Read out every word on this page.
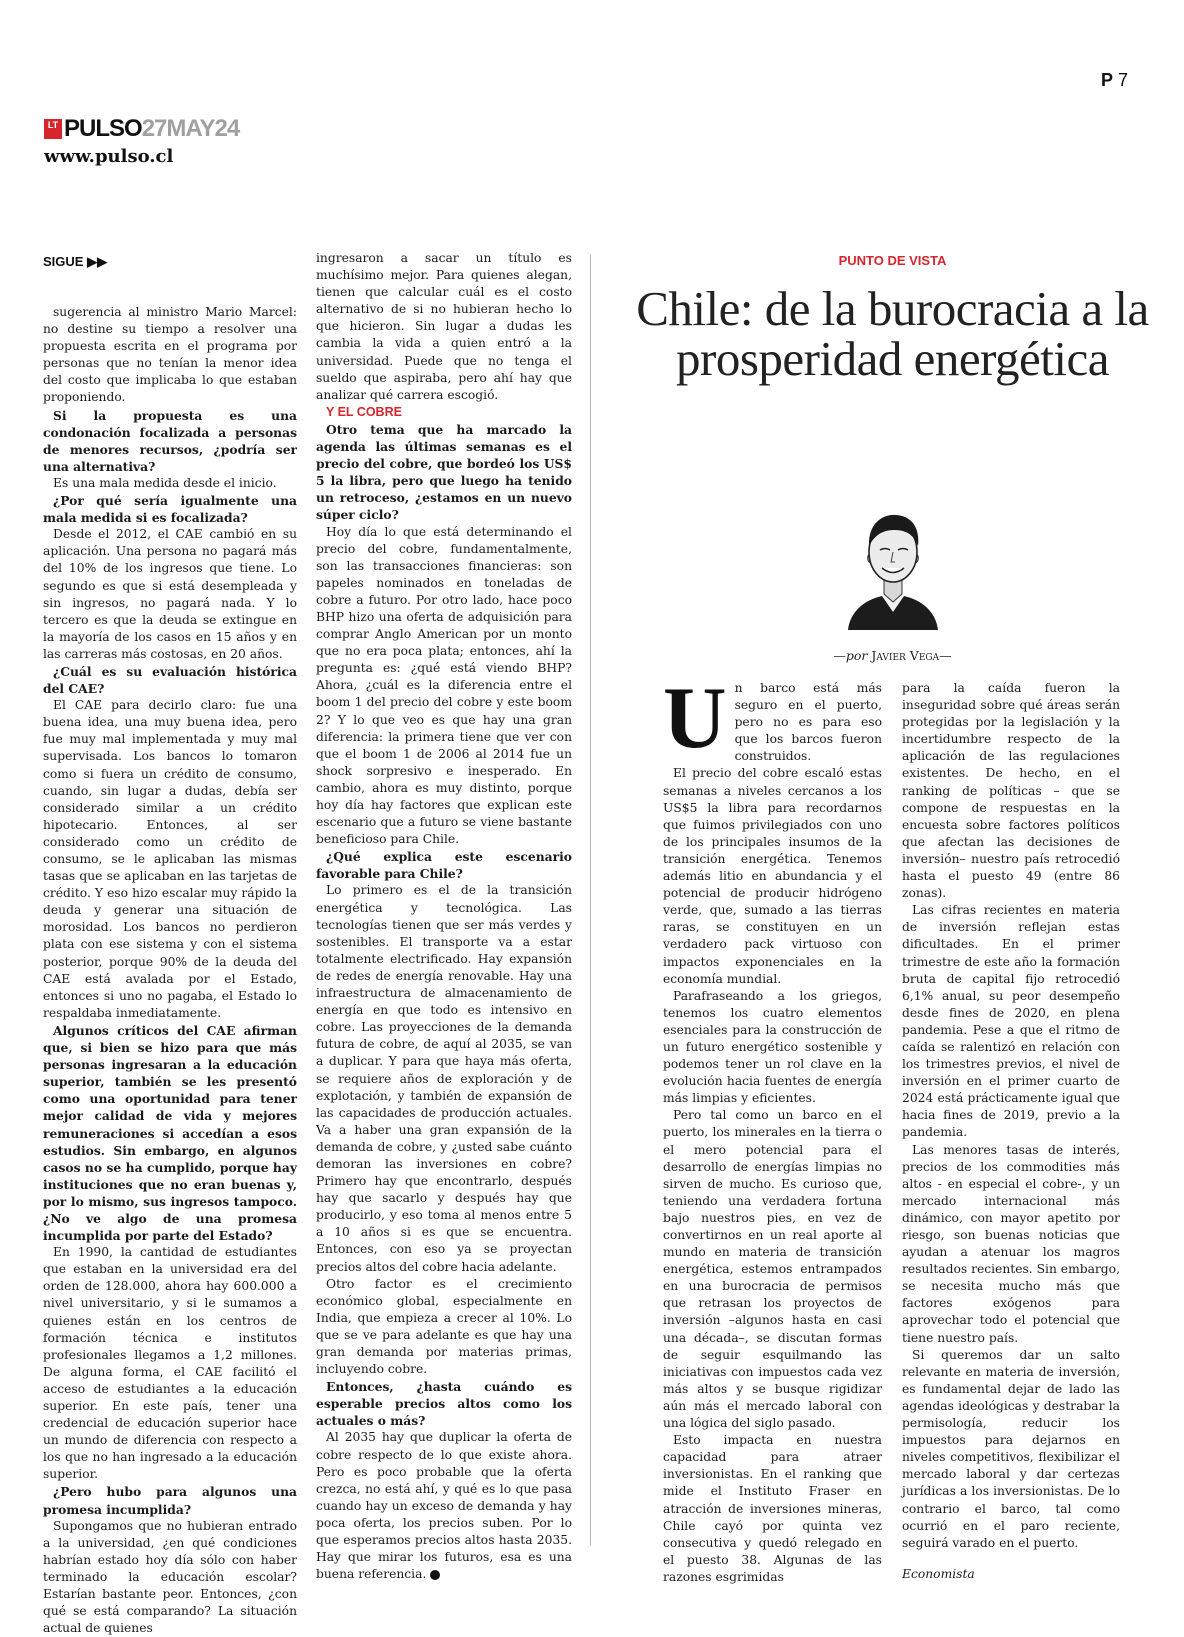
P 7
LT PULSO 27MAY24
www.pulso.cl
SIGUE ▶▶

sugerencia al ministro Mario Marcel: no destine su tiempo a resolver una propuesta escrita en el programa por personas que no tenían la menor idea del costo que implicaba lo que estaban proponiendo.

Si la propuesta es una condonación focalizada a personas de menores recursos, ¿podría ser una alternativa?

Es una mala medida desde el inicio.

¿Por qué sería igualmente una mala medida si es focalizada?

Desde el 2012, el CAE cambió en su aplicación. Una persona no pagará más del 10% de los ingresos que tiene. Lo segundo es que si está desempleada y sin ingresos, no pagará nada. Y lo tercero es que la deuda se extingue en la mayoría de los casos en 15 años y en las carreras más costosas, en 20 años.

¿Cuál es su evaluación histórica del CAE?

El CAE para decirlo claro: fue una buena idea, una muy buena idea, pero fue muy mal implementada y muy mal supervisada. Los bancos lo tomaron como si fuera un crédito de consumo, cuando, sin lugar a dudas, debía ser considerado similar a un crédito hipotecario. Entonces, al ser considerado como un crédito de consumo, se le aplicaban las mismas tasas que se aplicaban en las tarjetas de crédito. Y eso hizo escalar muy rápido la deuda y generar una situación de morosidad. Los bancos no perdieron plata con ese sistema y con el sistema posterior, porque 90% de la deuda del CAE está avalada por el Estado, entonces si uno no pagaba, el Estado lo respaldaba inmediatamente.

Algunos críticos del CAE afirman que, si bien se hizo para que más personas ingresaran a la educación superior, también se les presentó como una oportunidad para tener mejor calidad de vida y mejores remuneraciones si accedían a esos estudios. Sin embargo, en algunos casos no se ha cumplido, porque hay instituciones que no eran buenas y, por lo mismo, sus ingresos tampoco. ¿No ve algo de una promesa incumplida por parte del Estado?

En 1990, la cantidad de estudiantes que estaban en la universidad era del orden de 128.000, ahora hay 600.000 a nivel universitario, y si le sumamos a quienes están en los centros de formación técnica e institutos profesionales llegamos a 1,2 millones. De alguna forma, el CAE facilitó el acceso de estudiantes a la educación superior. En este país, tener una credencial de educación superior hace un mundo de diferencia con respecto a los que no han ingresado a la educación superior.

¿Pero hubo para algunos una promesa incumplida?

Supongamos que no hubieran entrado a la universidad, ¿en qué condiciones habrían estado hoy día sólo con haber terminado la educación escolar? Estarían bastante peor. Entonces, ¿con qué se está comparando? La situación actual de quienes

ingresaron a sacar un título es muchísimo mejor. Para quienes alegan, tienen que calcular cuál es el costo alternativo de si no hubieran hecho lo que hicieron. Sin lugar a dudas les cambia la vida a quien entró a la universidad. Puede que no tenga el sueldo que aspiraba, pero ahí hay que analizar qué carrera escogió.

Y EL COBRE

Otro tema que ha marcado la agenda las últimas semanas es el precio del cobre, que bordeó los US$ 5 la libra, pero que luego ha tenido un retroceso, ¿estamos en un nuevo súper ciclo?

Hoy día lo que está determinando el precio del cobre, fundamentalmente, son las transacciones financieras: son papeles nominados en toneladas de cobre a futuro. Por otro lado, hace poco BHP hizo una oferta de adquisición para comprar Anglo American por un monto que no era poca plata; entonces, ahí la pregunta es: ¿qué está viendo BHP? Ahora, ¿cuál es la diferencia entre el boom 1 del precio del cobre y este boom 2? Y lo que veo es que hay una gran diferencia: la primera tiene que ver con que el boom 1 de 2006 al 2014 fue un shock sorpresivo e inesperado. En cambio, ahora es muy distinto, porque hoy día hay factores que explican este escenario que a futuro se viene bastante beneficioso para Chile.

¿Qué explica este escenario favorable para Chile?

Lo primero es el de la transición energética y tecnológica. Las tecnologías tienen que ser más verdes y sostenibles. El transporte va a estar totalmente electrificado. Hay expansión de redes de energía renovable. Hay una infraestructura de almacenamiento de energía en que todo es intensivo en cobre. Las proyecciones de la demanda futura de cobre, de aquí al 2035, se van a duplicar. Y para que haya más oferta, se requiere años de exploración y de explotación, y también de expansión de las capacidades de producción actuales. Va a haber una gran expansión de la demanda de cobre, y ¿usted sabe cuánto demoran las inversiones en cobre? Primero hay que encontrarlo, después hay que sacarlo y después hay que producirlo, y eso toma al menos entre 5 a 10 años si es que se encuentra. Entonces, con eso ya se proyectan precios altos del cobre hacia adelante.

Otro factor es el crecimiento económico global, especialmente en India, que empieza a crecer al 10%. Lo que se ve para adelante es que hay una gran demanda por materias primas, incluyendo cobre.

Entonces, ¿hasta cuándo es esperable precios altos como los actuales o más?

Al 2035 hay que duplicar la oferta de cobre respecto de lo que existe ahora. Pero es poco probable que la oferta crezca, no está ahí, y qué es lo que pasa cuando hay un exceso de demanda y hay poca oferta, los precios suben. Por lo que esperamos precios altos hasta 2035. Hay que mirar los futuros, esa es una buena referencia. P

PUNTO DE VISTA
Chile: de la burocracia a la prosperidad energética
—por Javier Vega—
U n barco está más seguro en el puerto, pero no es para eso que los barcos fueron construidos.

El precio del cobre escaló estas semanas a niveles cercanos a los US$5 la libra para recordarnos que fuimos privilegiados con uno de los principales insumos de la transición energética. Tenemos además litio en abundancia y el potencial de producir hidrógeno verde, que, sumado a las tierras raras, se constituyen en un verdadero pack virtuoso con impactos exponenciales en la economía mundial.

Parafraseando a los griegos, tenemos los cuatro elementos esenciales para la construcción de un futuro energético sostenible y podemos tener un rol clave en la evolución hacia fuentes de energía más limpias y eficientes.

Pero tal como un barco en el puerto, los minerales en la tierra o el mero potencial para el desarrollo de energías limpias no sirven de mucho. Es curioso que, teniendo una verdadera fortuna bajo nuestros pies, en vez de convertirnos en un real aporte al mundo en materia de transición energética, estemos entrampados en una burocracia de permisos que retrasan los proyectos de inversión –algunos hasta en casi una década–, se discutan formas de seguir esquilmando las iniciativas con impuestos cada vez más altos y se busque rigidizar aún más el mercado laboral con una lógica del siglo pasado.

Esto impacta en nuestra capacidad para atraer inversionistas. En el ranking que mide el Instituto Fraser en atracción de inversiones mineras, Chile cayó por quinta vez consecutiva y quedó relegado en el puesto 38. Algunas de las razones esgrimidas

para la caída fueron la inseguridad sobre qué áreas serán protegidas por la legislación y la incertidumbre respecto de la aplicación de las regulaciones existentes. De hecho, en el ranking de políticas – que se compone de respuestas en la encuesta sobre factores políticos que afectan las decisiones de inversión– nuestro país retrocedió hasta el puesto 49 (entre 86 zonas).

Las cifras recientes en materia de inversión reflejan estas dificultades. En el primer trimestre de este año la formación bruta de capital fijo retrocedió 6,1% anual, su peor desempeño desde fines de 2020, en plena pandemia. Pese a que el ritmo de caída se ralentizó en relación con los trimestres previos, el nivel de inversión en el primer cuarto de 2024 está prácticamente igual que hacia fines de 2019, previo a la pandemia.

Las menores tasas de interés, precios de los commodities más altos - en especial el cobre-, y un mercado internacional más dinámico, con mayor apetito por riesgo, son buenas noticias que ayudan a atenuar los magros resultados recientes. Sin embargo, se necesita mucho más que factores exógenos para aprovechar todo el potencial que tiene nuestro país.

Si queremos dar un salto relevante en materia de inversión, es fundamental dejar de lado las agendas ideológicas y destrabar la permisología, reducir los impuestos para dejarnos en niveles competitivos, flexibilizar el mercado laboral y dar certezas jurídicas a los inversionistas. De lo contrario el barco, tal como ocurrió en el paro reciente, seguirá varado en el puerto.

Economista
